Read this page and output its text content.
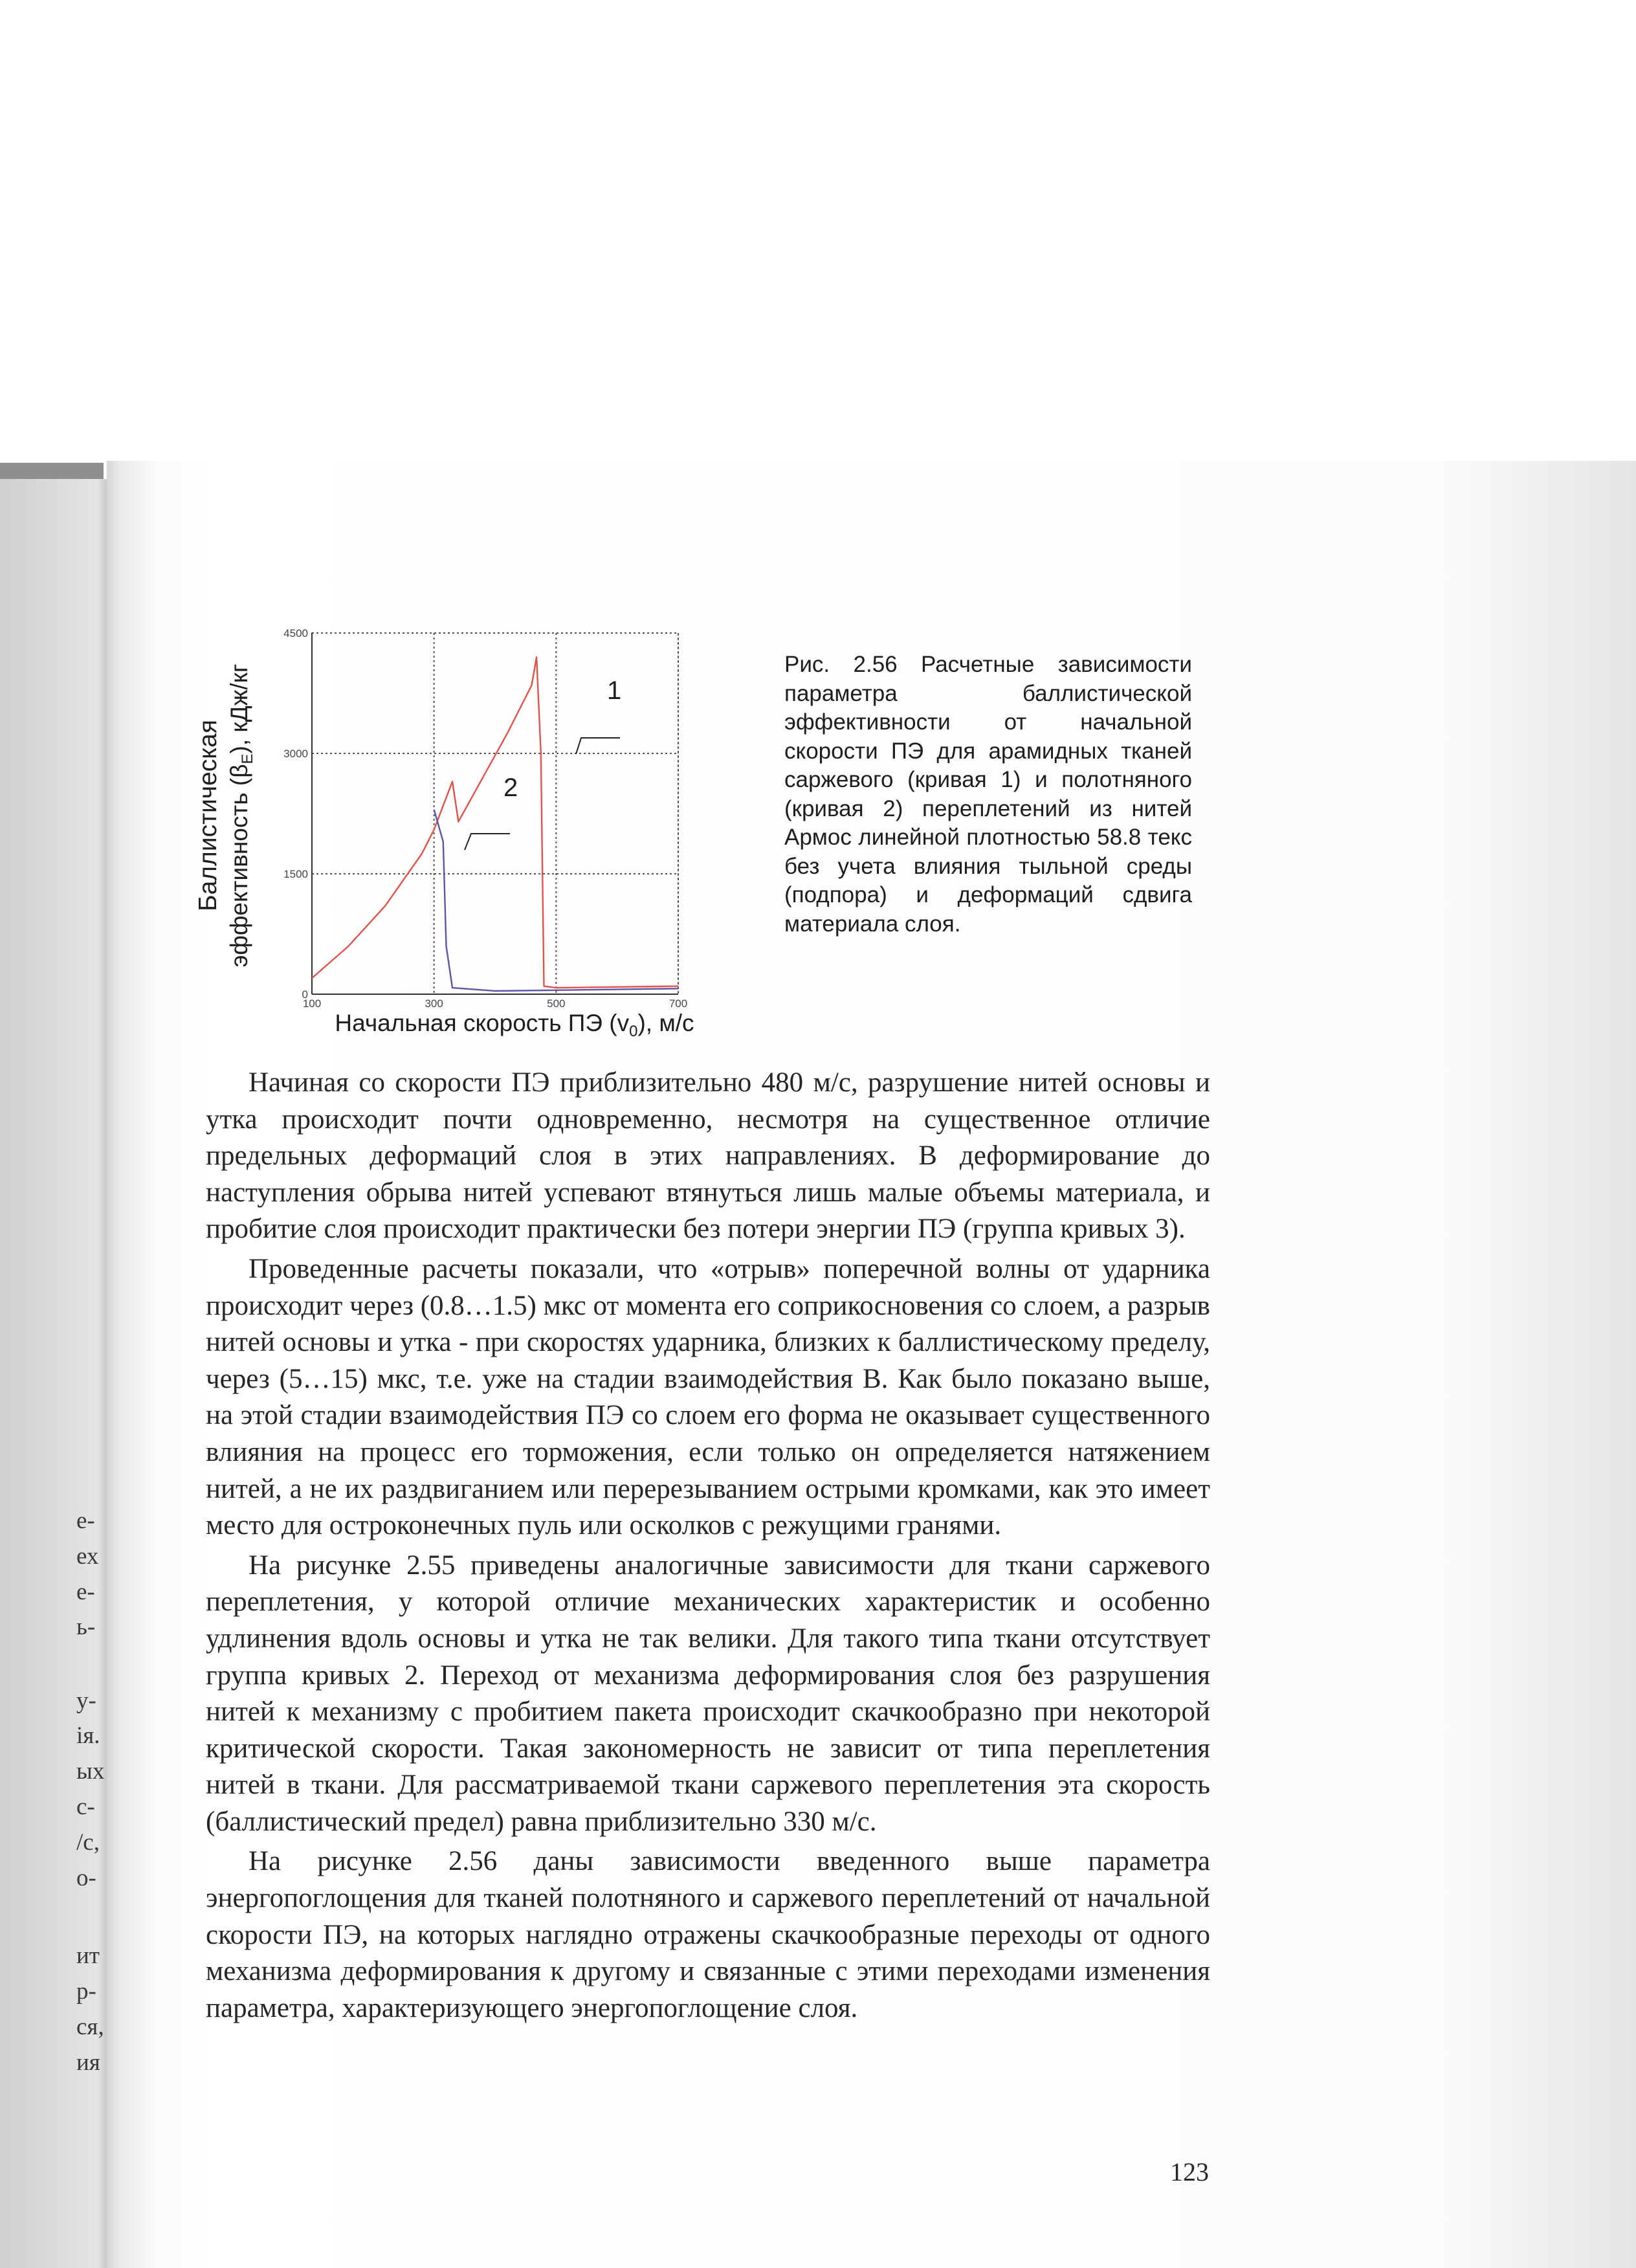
е-
ех
е-
ь-
у-
ія.
ых
с-
/с,
о-
ит
р-
ся,
ия
100	300	500	700
0
1500
3000
4500
1
2
Баллистическая эффективность $(\beta_E)$, кДж/кг
Начальная скорость ПЭ $(v_0)$, м/с
Рис. 2.56 Расчетные зависимости параметра баллистической эффективности от начальной скорости ПЭ для арамидных тканей саржевого (кривая 1) и полотняного (кривая 2) переплетений из нитей Армос линейной плотностью 58.8 текс без учета влияния тыльной среды (подпора) и деформаций сдвига материала слоя.

Начиная со скорости ПЭ приблизительно 480 м/с, разрушение нитей основы и утка происходит почти одновременно, несмотря на существенное отличие предельных деформаций слоя в этих направлениях. В деформирование до наступления обрыва нитей успевают втянуться лишь малые объемы материала, и пробитие слоя происходит практически без потери энергии ПЭ (группа кривых 3).

Проведенные расчеты показали, что «отрыв» поперечной волны от ударника происходит через (0.8…1.5) мкс от момента его соприкосновения со слоем, а разрыв нитей основы и утка - при скоростях ударника, близких к баллистическому пределу, через (5…15) мкс, т.е. уже на стадии взаимодействия B. Как было показано выше, на этой стадии взаимодействия ПЭ со слоем его форма не оказывает существенного влияния на процесс его торможения, если только он определяется натяжением нитей, а не их раздвиганием или перерезыванием острыми кромками, как это имеет место для остроконечных пуль или осколков с режущими гранями.

На рисунке 2.55 приведены аналогичные зависимости для ткани саржевого переплетения, у которой отличие механических характеристик и особенно удлинения вдоль основы и утка не так велики. Для такого типа ткани отсутствует группа кривых 2. Переход от механизма деформирования слоя без разрушения нитей к механизму с пробитием пакета происходит скачкообразно при некоторой критической скорости. Такая закономерность не зависит от типа переплетения нитей в ткани. Для рассматриваемой ткани саржевого переплетения эта скорость (баллистический предел) равна приблизительно 330 м/с.

На рисунке 2.56 даны зависимости введенного выше параметра энергопоглощения для тканей полотняного и саржевого переплетений от начальной скорости ПЭ, на которых наглядно отражены скачкообразные переходы от одного механизма деформирования к другому и связанные с этими переходами изменения параметра, характеризующего энергопоглощение слоя.

123
